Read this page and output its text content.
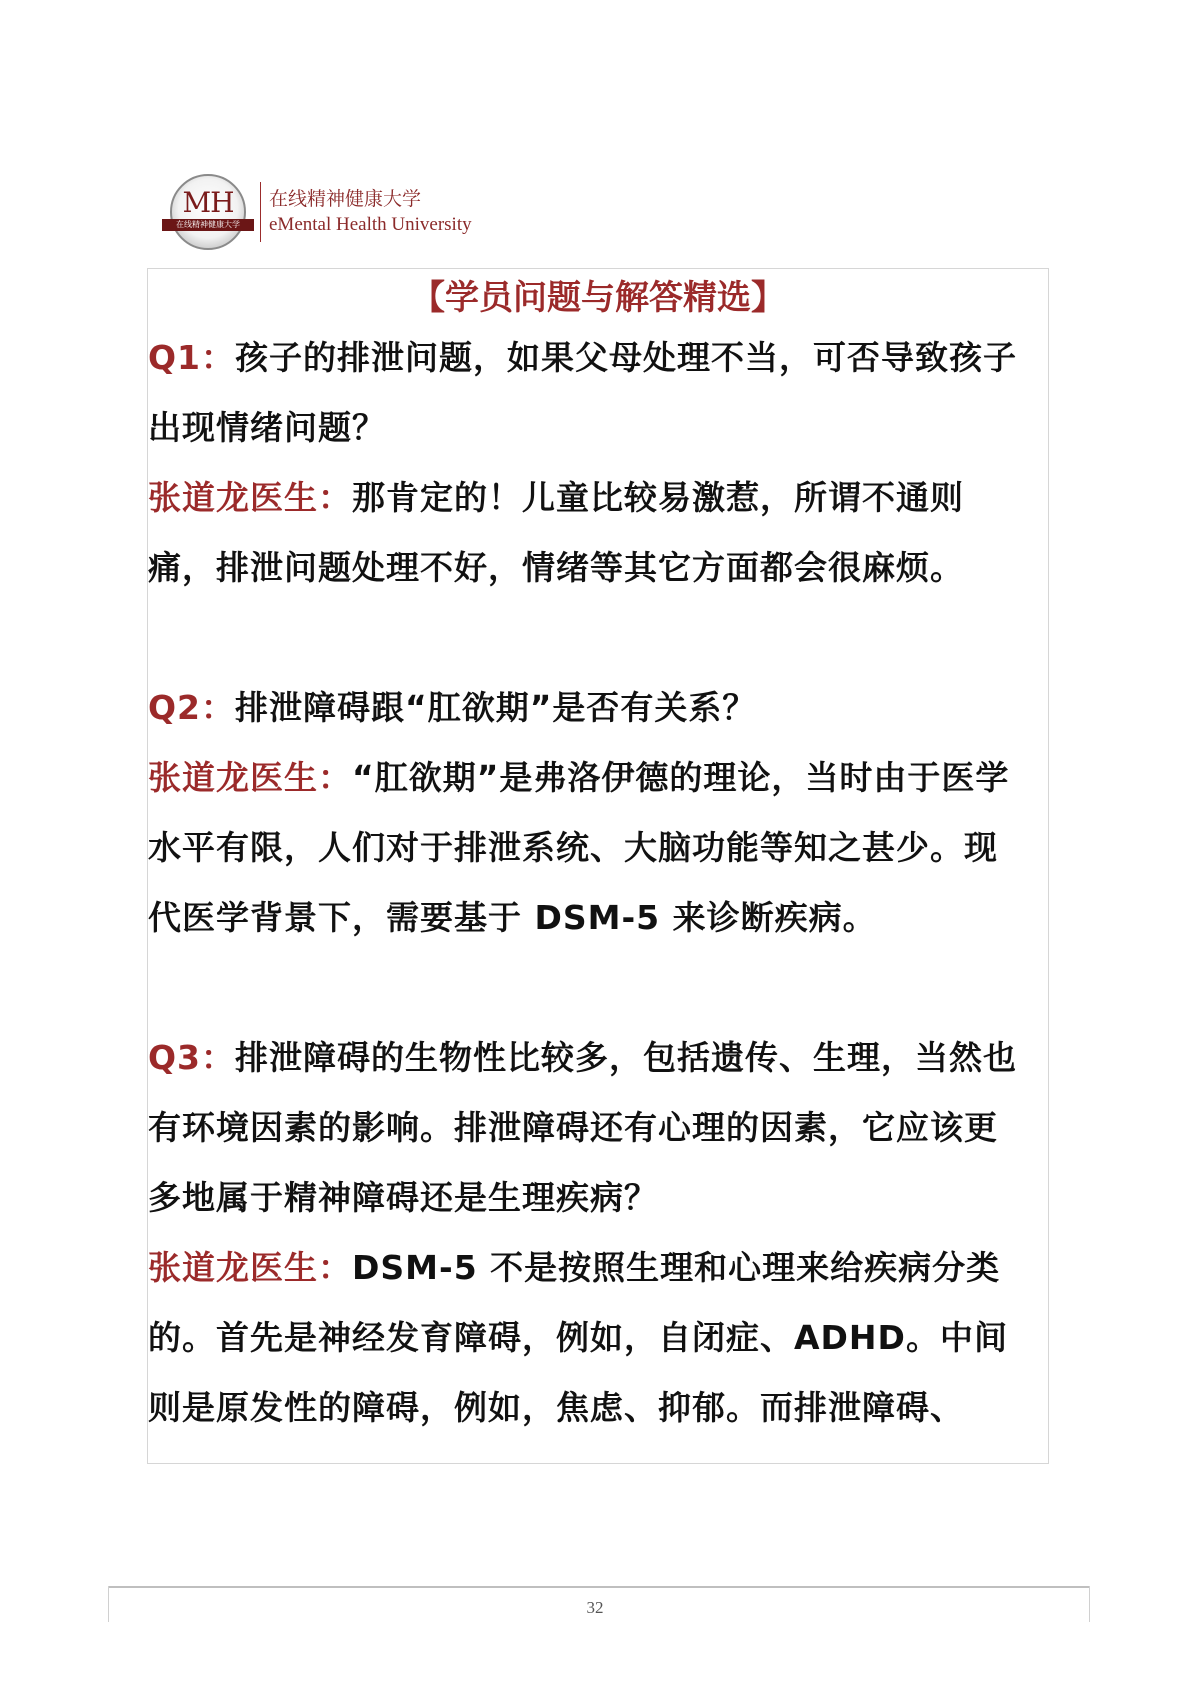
MH
在线精神健康大学
在线精神健康大学
eMental Health University
【学员问题与解答精选】

Q1：孩子的排泄问题，如果父母处理不当，可否导致孩子出现情绪问题？

张道龙医生：那肯定的！儿童比较易激惹，所谓不通则痛，排泄问题处理不好，情绪等其它方面都会很麻烦。

Q2：排泄障碍跟“肛欲期”是否有关系？

张道龙医生：“肛欲期”是弗洛伊德的理论，当时由于医学水平有限，人们对于排泄系统、大脑功能等知之甚少。现代医学背景下，需要基于 DSM-5 来诊断疾病。

Q3：排泄障碍的生物性比较多，包括遗传、生理，当然也有环境因素的影响。排泄障碍还有心理的因素，它应该更多地属于精神障碍还是生理疾病？

张道龙医生：DSM-5 不是按照生理和心理来给疾病分类的。首先是神经发育障碍，例如，自闭症、ADHD。中间则是原发性的障碍，例如，焦虑、抑郁。而排泄障碍、

32
